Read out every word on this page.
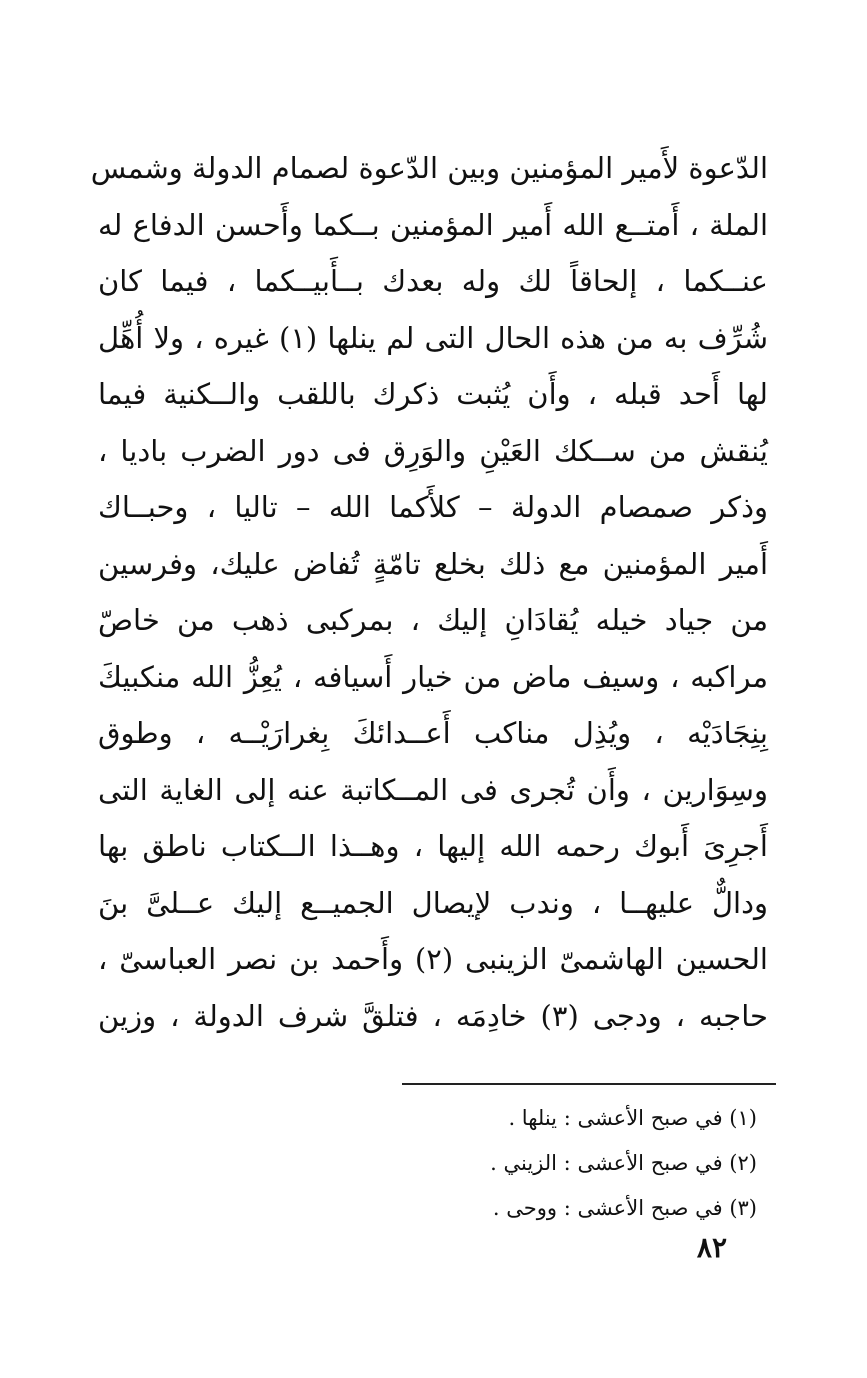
الدّعوة لأَمير المؤمنين وبين الدّعوة لصمام الدولة وشمس
الملة ، أَمتــع الله أَمير المؤمنين بــكما وأَحسن الدفاع له
عنــكما ، إلحاقاً لك وله بعدك بــأَبيــكما ، فيما كان
شُرِّف به من هذه الحال التى لم ينلها (١) غيره ، ولا أُهِّل
لها أَحد قبله ، وأَن يُثبت ذكرك باللقب والــكنية فيما
يُنقش من ســكك العَيْنِ والوَرِق فى دور الضرب باديا ،
وذكر صمصام الدولة – كلأَكما الله – تاليا ، وحبــاك
أَمير المؤمنين مع ذلك بخلع تامّةٍ تُفاض عليك، وفرسين
من جياد خيله يُقادَانِ إليك ، بمركبى ذهب من خاصّ
مراكبه ، وسيف ماض من خيار أَسيافه ، يُعِزُّ الله منكبيكَ
بِنِجَادَيْه ، ويُذِل مناكب أَعــدائكَ بِغرارَيْــه ، وطوق
وسِوَارين ، وأَن تُجرى فى المــكاتبة عنه إلى الغاية التى
أَجرِىَ أَبوك رحمه الله إليها ، وهــذا الــكتاب ناطق بها
ودالٌّ عليهــا ، وندب لإيصال الجميــع إليك عــلىَّ بنَ
الحسين الهاشمىّ الزينبى (٢) وأَحمد بن نصر العباسىّ ،
حاجبه ، ودجى (٣) خادِمَه ، فتلقَّ شرف الدولة ، وزين
(١) في صبح الأعشى : ينلها .
(٢) في صبح الأعشى : الزيني .
(٣) في صبح الأعشى : ووحى .
٨٢
